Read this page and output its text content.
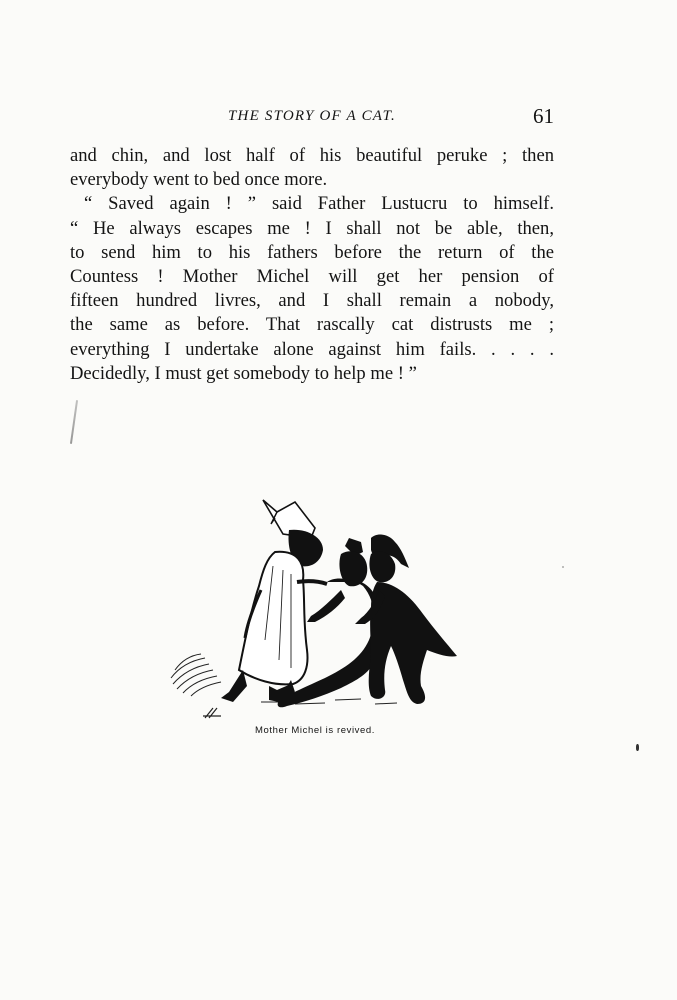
THE STORY OF A CAT.	61
and chin, and lost half of his beautiful peruke ; then
everybody went to bed once more.
“ Saved again ! ” said Father Lustucru to himself.
“ He always escapes me ! I shall not be able, then,
to send him to his fathers before the return of the
Countess ! Mother Michel will get her pension of
fifteen hundred livres, and I shall remain a nobody,
the same as before. That rascally cat distrusts me ;
everything I undertake alone against him fails. . . . .
Decidedly, I must get somebody to help me ! ”
Mother Michel is revived.
